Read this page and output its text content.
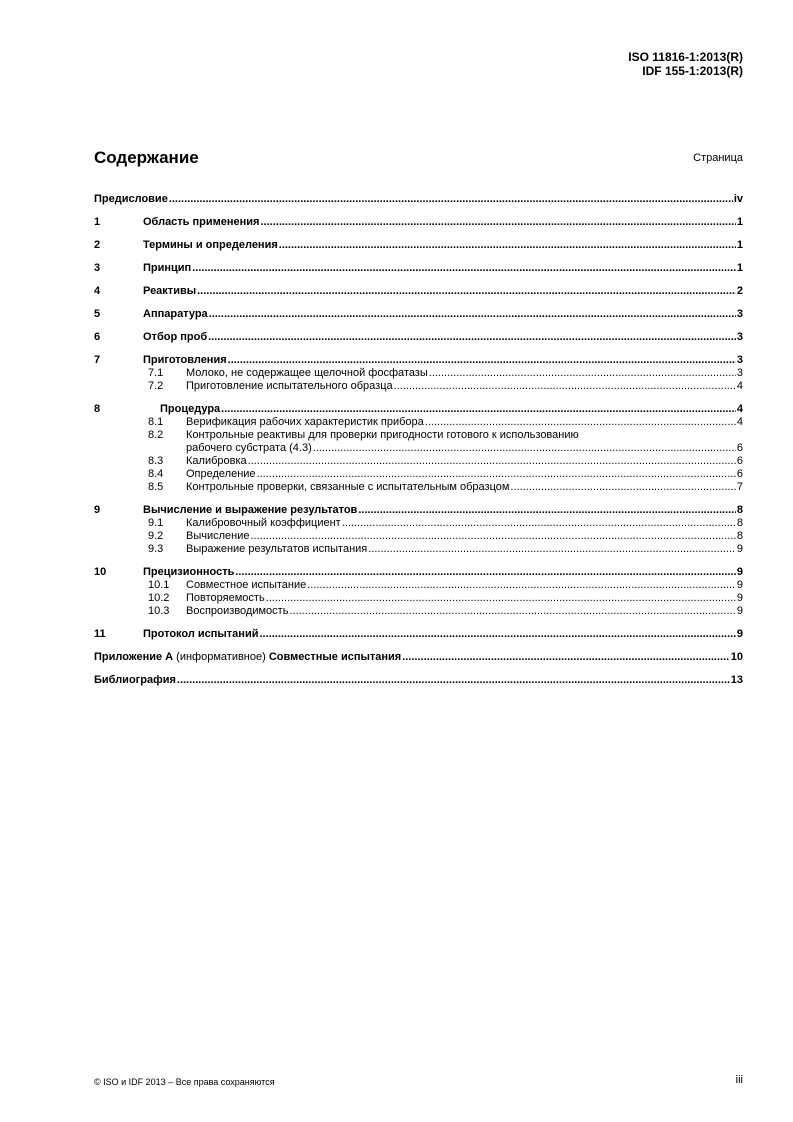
ISO 11816-1:2013(R)
IDF 155-1:2013(R)
Содержание	Страница
Предисловие .....	iv
1	Область применения .....	1
2	Термины и определения .....	1
3	Принцип .....	1
4	Реактивы .....	2
5	Аппаратура .....	3
6	Отбор проб .....	3
7	Приготовления .....	3
7.1	Молоко, не содержащее щелочной фосфатазы .....	3
7.2	Приготовление испытательного образца .....	4
8	Процедура .....	4
8.1	Верификация рабочих характеристик прибора .....	4
8.2	Контрольные реактивы для проверки пригодности готового к использованию
рабочего субстрата (4.3) .....	6
8.3	Калибровка .....	6
8.4	Определение .....	6
8.5	Контрольные проверки, связанные с испытательным образцом .....	7
9	Вычисление и выражение результатов .....	8
9.1	Калибровочный коэффициент .....	8
9.2	Вычисление .....	8
9.3	Выражение результатов испытания .....	9
10	Прецизионность .....	9
10.1	Совместное испытание .....	9
10.2	Повторяемость .....	9
10.3	Воспроизводимость .....	9
11	Протокол испытаний .....	9
Приложение А (информативное) Совместные испытания .....	10
Библиография .....	13
© ISO и IDF 2013 – Все права сохраняются	iii
